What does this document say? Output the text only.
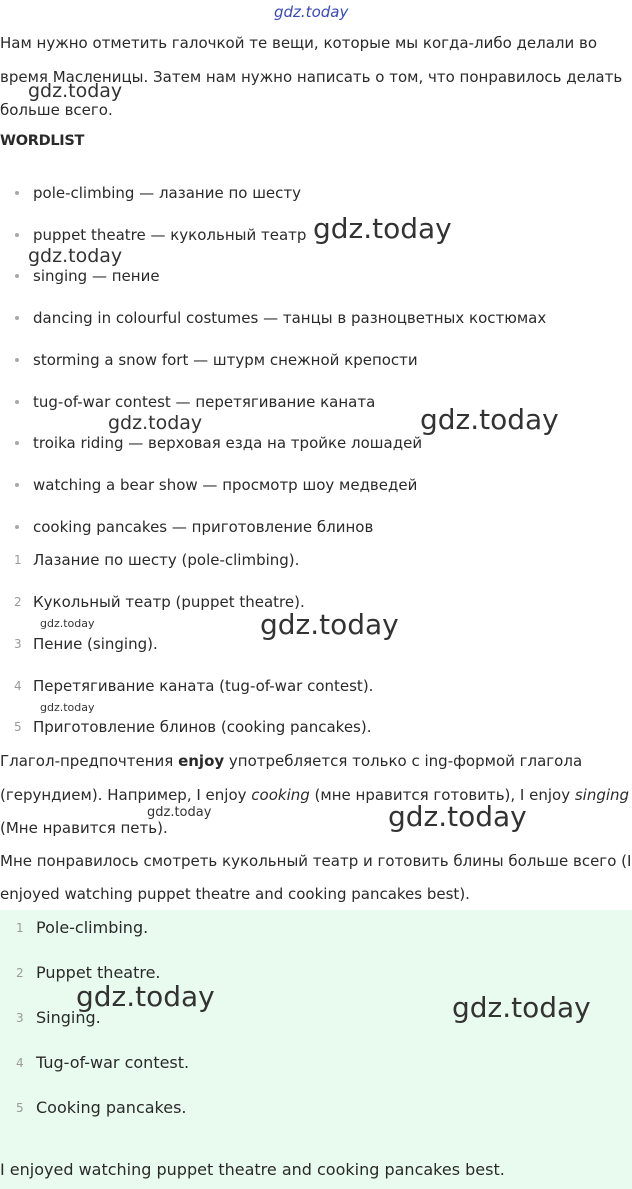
Нам нужно отметить галочкой те вещи, которые мы когда-либо делали во
время Масленицы. Затем нам нужно написать о том, что понравилось делать
больше всего.
WORDLIST
pole-climbing — лазание по шесту
puppet theatre — кукольный театр
singing — пение
dancing in colourful costumes — танцы в разноцветных костюмах
storming a snow fort — штурм снежной крепости
tug-of-war contest — перетягивание каната
troika riding — верховая езда на тройке лошадей
watching a bear show — просмотр шоу медведей
cooking pancakes — приготовление блинов
1 Лазание по шесту (pole-climbing).
2 Кукольный театр (puppet theatre).
3 Пение (singing).
4 Перетягивание каната (tug-of-war contest).
5 Приготовление блинов (cooking pancakes).
Глагол-предпочтения enjoy употребляется только с ing-формой глагола
(герундием). Например, I enjoy cooking (мне нравится готовить), I enjoy singing
(Мне нравится петь).
Мне понравилось смотреть кукольный театр и готовить блины больше всего (I
enjoyed watching puppet theatre and cooking pancakes best).
1 Pole-climbing.
2 Puppet theatre.
3 Singing.
4 Tug-of-war contest.
5 Cooking pancakes.
I enjoyed watching puppet theatre and cooking pancakes best.
gdz.today
gdz.today
gdz.today
gdz.today
gdz.today	gdz.today
gdz.today	gdz.today
gdz.today
gdz.today	gdz.today
gdz.today	gdz.today
